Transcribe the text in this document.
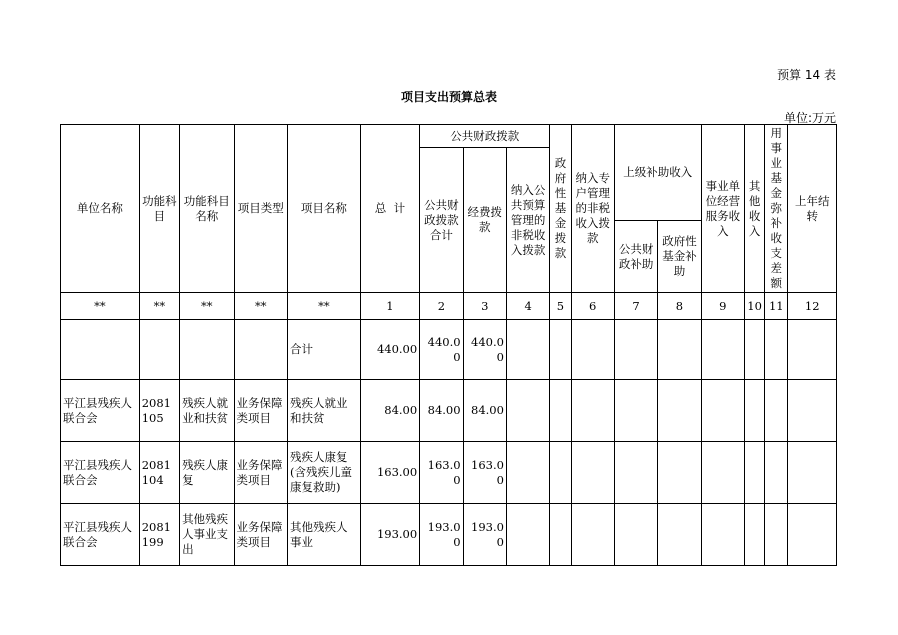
预算 14 表
项目支出预算总表
单位:万元
单位名称	功能科目	功能科目名称	项目类型	项目名称	总  计	公共财政拨款			政府性基金拨款	纳入专户管理的非税收入拨款	上级补助收入		事业单位经营服务收入	其他收入	用事业基金弥补收支差额	上年结转
						公共财政拨款合计	经费拨款	纳入公共预算管理的非税收入拨款								
											公共财政补助	政府性基金补助				
**	**	**	**	**	1	2	3	4	5	6	7	8	9	10	11	12
				合计	440.00	440.00	440.00									
平江县残疾人联合会	2081105	残疾人就业和扶贫	业务保障类项目	残疾人就业和扶贫	84.00	84.00	84.00									
平江县残疾人联合会	2081104	残疾人康复	业务保障类项目	残疾人康复(含残疾儿童康复救助)	163.00	163.00	163.00									
平江县残疾人联合会	2081199	其他残疾人事业支出	业务保障类项目	其他残疾人事业	193.00	193.00	193.00									
